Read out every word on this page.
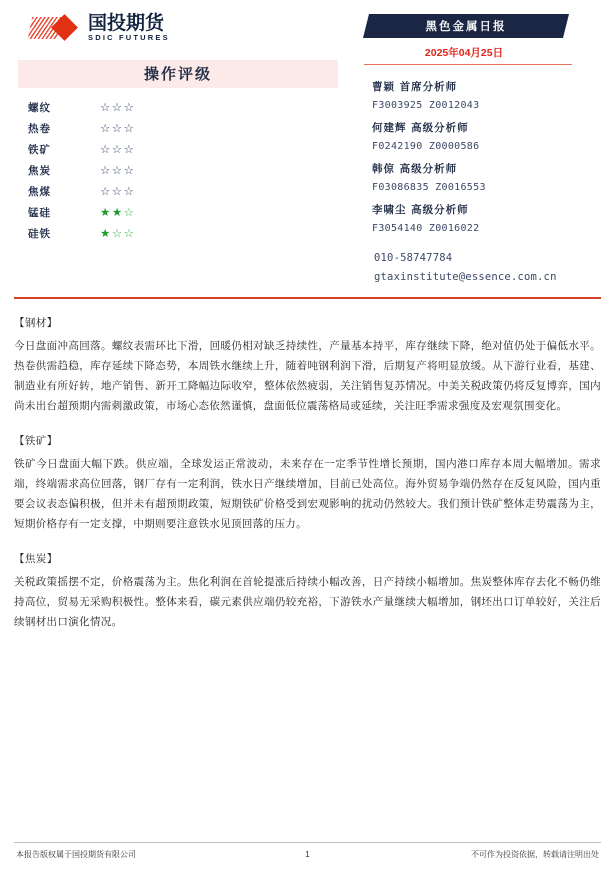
国投期货
SDIC FUTURES
操作评级
螺纹	☆☆☆
热卷	☆☆☆
铁矿	☆☆☆
焦炭	☆☆☆
焦煤	☆☆☆
锰硅	★★☆
硅铁	★☆☆
黑色金属日报
2025年04月25日
曹颖 首席分析师
F3003925 Z0012043
何建辉 高级分析师
F0242190 Z0000586
韩倞 高级分析师
F03086835 Z0016553
李啸尘 高级分析师
F3054140 Z0016022
010-58747784
gtaxinstitute@essence.com.cn
【钢材】
今日盘面冲高回落。螺纹表需环比下滑，回暖仍相对缺乏持续性，产量基本持平，库存继续下降，绝对值仍处于偏低水平。热卷供需趋稳，库存延续下降态势，本周铁水继续上升，随着吨钢利润下滑，后期复产将明显放缓。从下游行业看，基建、制造业有所好转，地产销售、新开工降幅边际收窄，整体依然疲弱，关注销售复苏情况。中美关税政策仍将反复博弈，国内尚未出台超预期内需刺激政策，市场心态依然谨慎，盘面低位震荡格局或延续，关注旺季需求强度及宏观氛围变化。
【铁矿】
铁矿今日盘面大幅下跌。供应端，全球发运正常波动，未来存在一定季节性增长预期，国内港口库存本周大幅增加。需求端，终端需求高位回落，钢厂存有一定利润，铁水日产继续增加，目前已处高位。海外贸易争端仍然存在反复风险，国内重要会议表态偏积极，但并未有超预期政策，短期铁矿价格受到宏观影响的扰动仍然较大。我们预计铁矿整体走势震荡为主，短期价格存有一定支撑，中期则要注意铁水见顶回落的压力。
【焦炭】
关税政策摇摆不定，价格震荡为主。焦化利润在首轮提涨后持续小幅改善，日产持续小幅增加。焦炭整体库存去化不畅仍维持高位，贸易无采购积极性。整体来看，碳元素供应端仍较充裕，下游铁水产量继续大幅增加，钢坯出口订单较好，关注后续钢材出口演化情况。
本报告版权属于国投期货有限公司	1	不可作为投资依据，转载请注明出处
